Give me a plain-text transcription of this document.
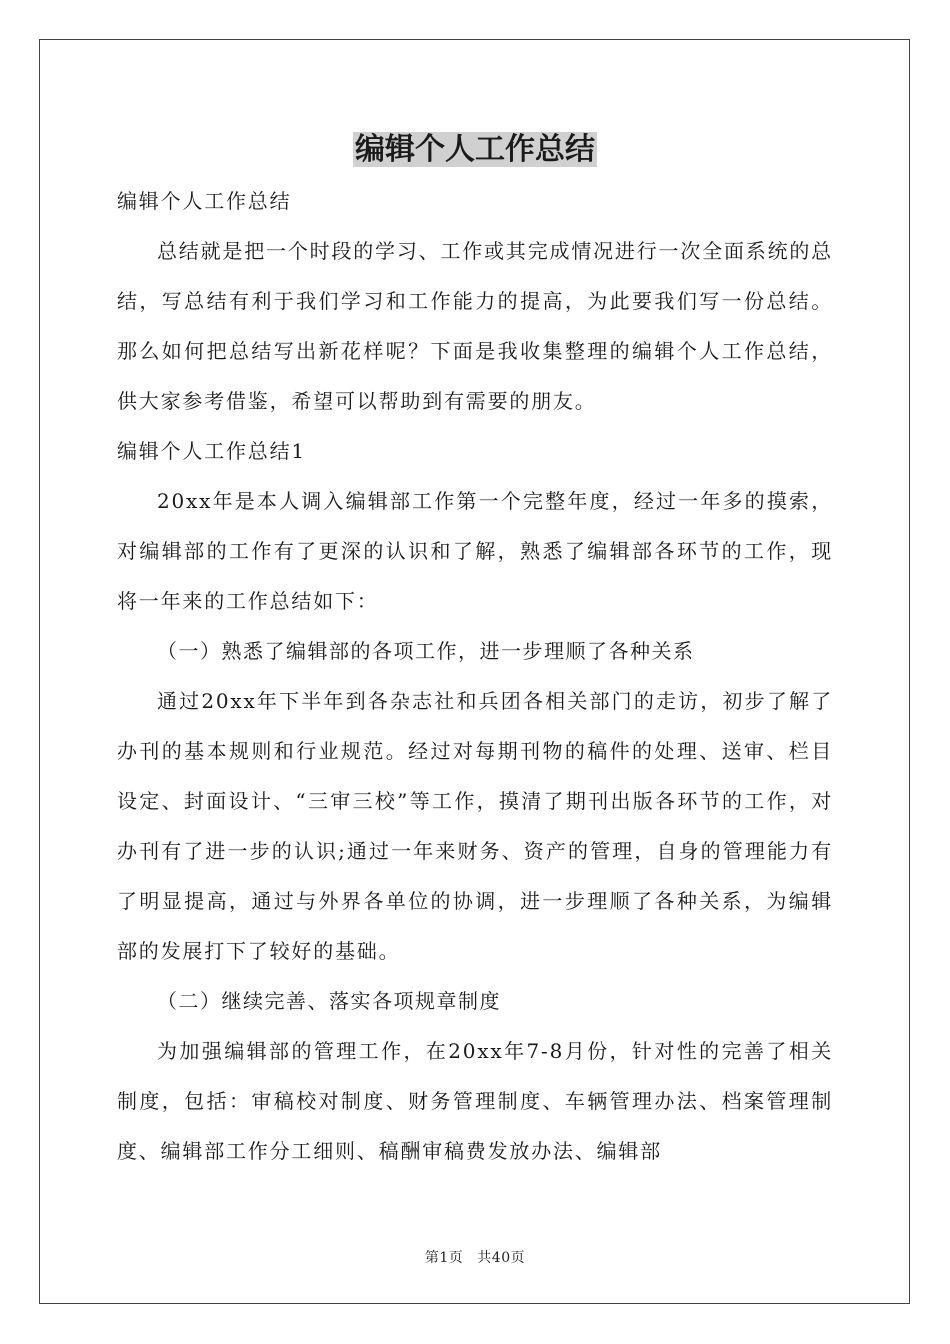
编辑个人工作总结

编辑个人工作总结

总结就是把一个时段的学习、工作或其完成情况进行一次全面系统的总结，写总结有利于我们学习和工作能力的提高，为此要我们写一份总结。那么如何把总结写出新花样呢？下面是我收集整理的编辑个人工作总结，供大家参考借鉴，希望可以帮助到有需要的朋友。

编辑个人工作总结1

20xx年是本人调入编辑部工作第一个完整年度，经过一年多的摸索，对编辑部的工作有了更深的认识和了解，熟悉了编辑部各环节的工作，现将一年来的工作总结如下：

（一）熟悉了编辑部的各项工作，进一步理顺了各种关系

通过20xx年下半年到各杂志社和兵团各相关部门的走访，初步了解了办刊的基本规则和行业规范。经过对每期刊物的稿件的处理、送审、栏目设定、封面设计、“三审三校”等工作，摸清了期刊出版各环节的工作，对办刊有了进一步的认识;通过一年来财务、资产的管理，自身的管理能力有了明显提高，通过与外界各单位的协调，进一步理顺了各种关系，为编辑部的发展打下了较好的基础。

（二）继续完善、落实各项规章制度

为加强编辑部的管理工作，在20xx年7-8月份，针对性的完善了相关制度，包括：审稿校对制度、财务管理制度、车辆管理办法、档案管理制度、编辑部工作分工细则、稿酬审稿费发放办法、编辑部

第1页 共40页
